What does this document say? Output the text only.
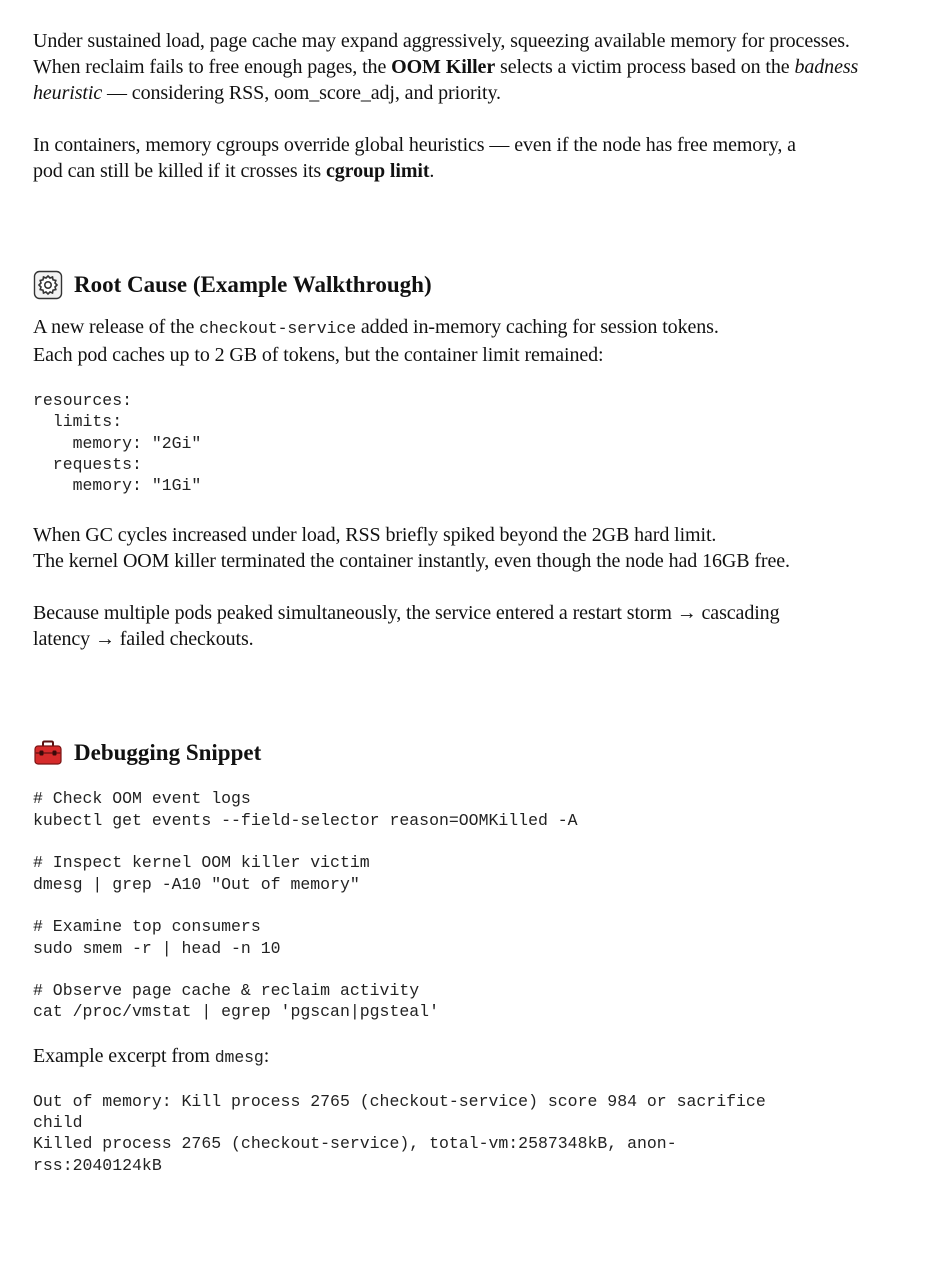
Under sustained load, page cache may expand aggressively, squeezing available memory for processes.

When reclaim fails to free enough pages, the OOM Killer selects a victim process based on the badness heuristic — considering RSS, oom_score_adj, and priority.

In containers, memory cgroups override global heuristics — even if the node has free memory, a pod can still be killed if it crosses its cgroup limit.

Root Cause (Example Walkthrough)

A new release of the checkout-service added in-memory caching for session tokens.

Each pod caches up to 2 GB of tokens, but the container limit remained:

resources:
limits:
memory: "2Gi"
requests:
memory: "1Gi"

When GC cycles increased under load, RSS briefly spiked beyond the 2GB hard limit.

The kernel OOM killer terminated the container instantly, even though the node had 16GB free.

Because multiple pods peaked simultaneously, the service entered a restart storm → cascading latency → failed checkouts.

Debugging Snippet
# Check OOM event logs
kubectl get events --field-selector reason=OOMKilled -A

# Inspect kernel OOM killer victim
dmesg | grep -A10 "Out of memory"

# Examine top consumers
sudo smem -r | head -n 10

# Observe page cache & reclaim activity
cat /proc/vmstat | egrep 'pgscan|pgsteal'

Example excerpt from dmesg:

Out of memory: Kill process 2765 (checkout-service) score 984 or sacrifice
child
Killed process 2765 (checkout-service), total-vm:2587348kB, anon-
rss:2040124kB
